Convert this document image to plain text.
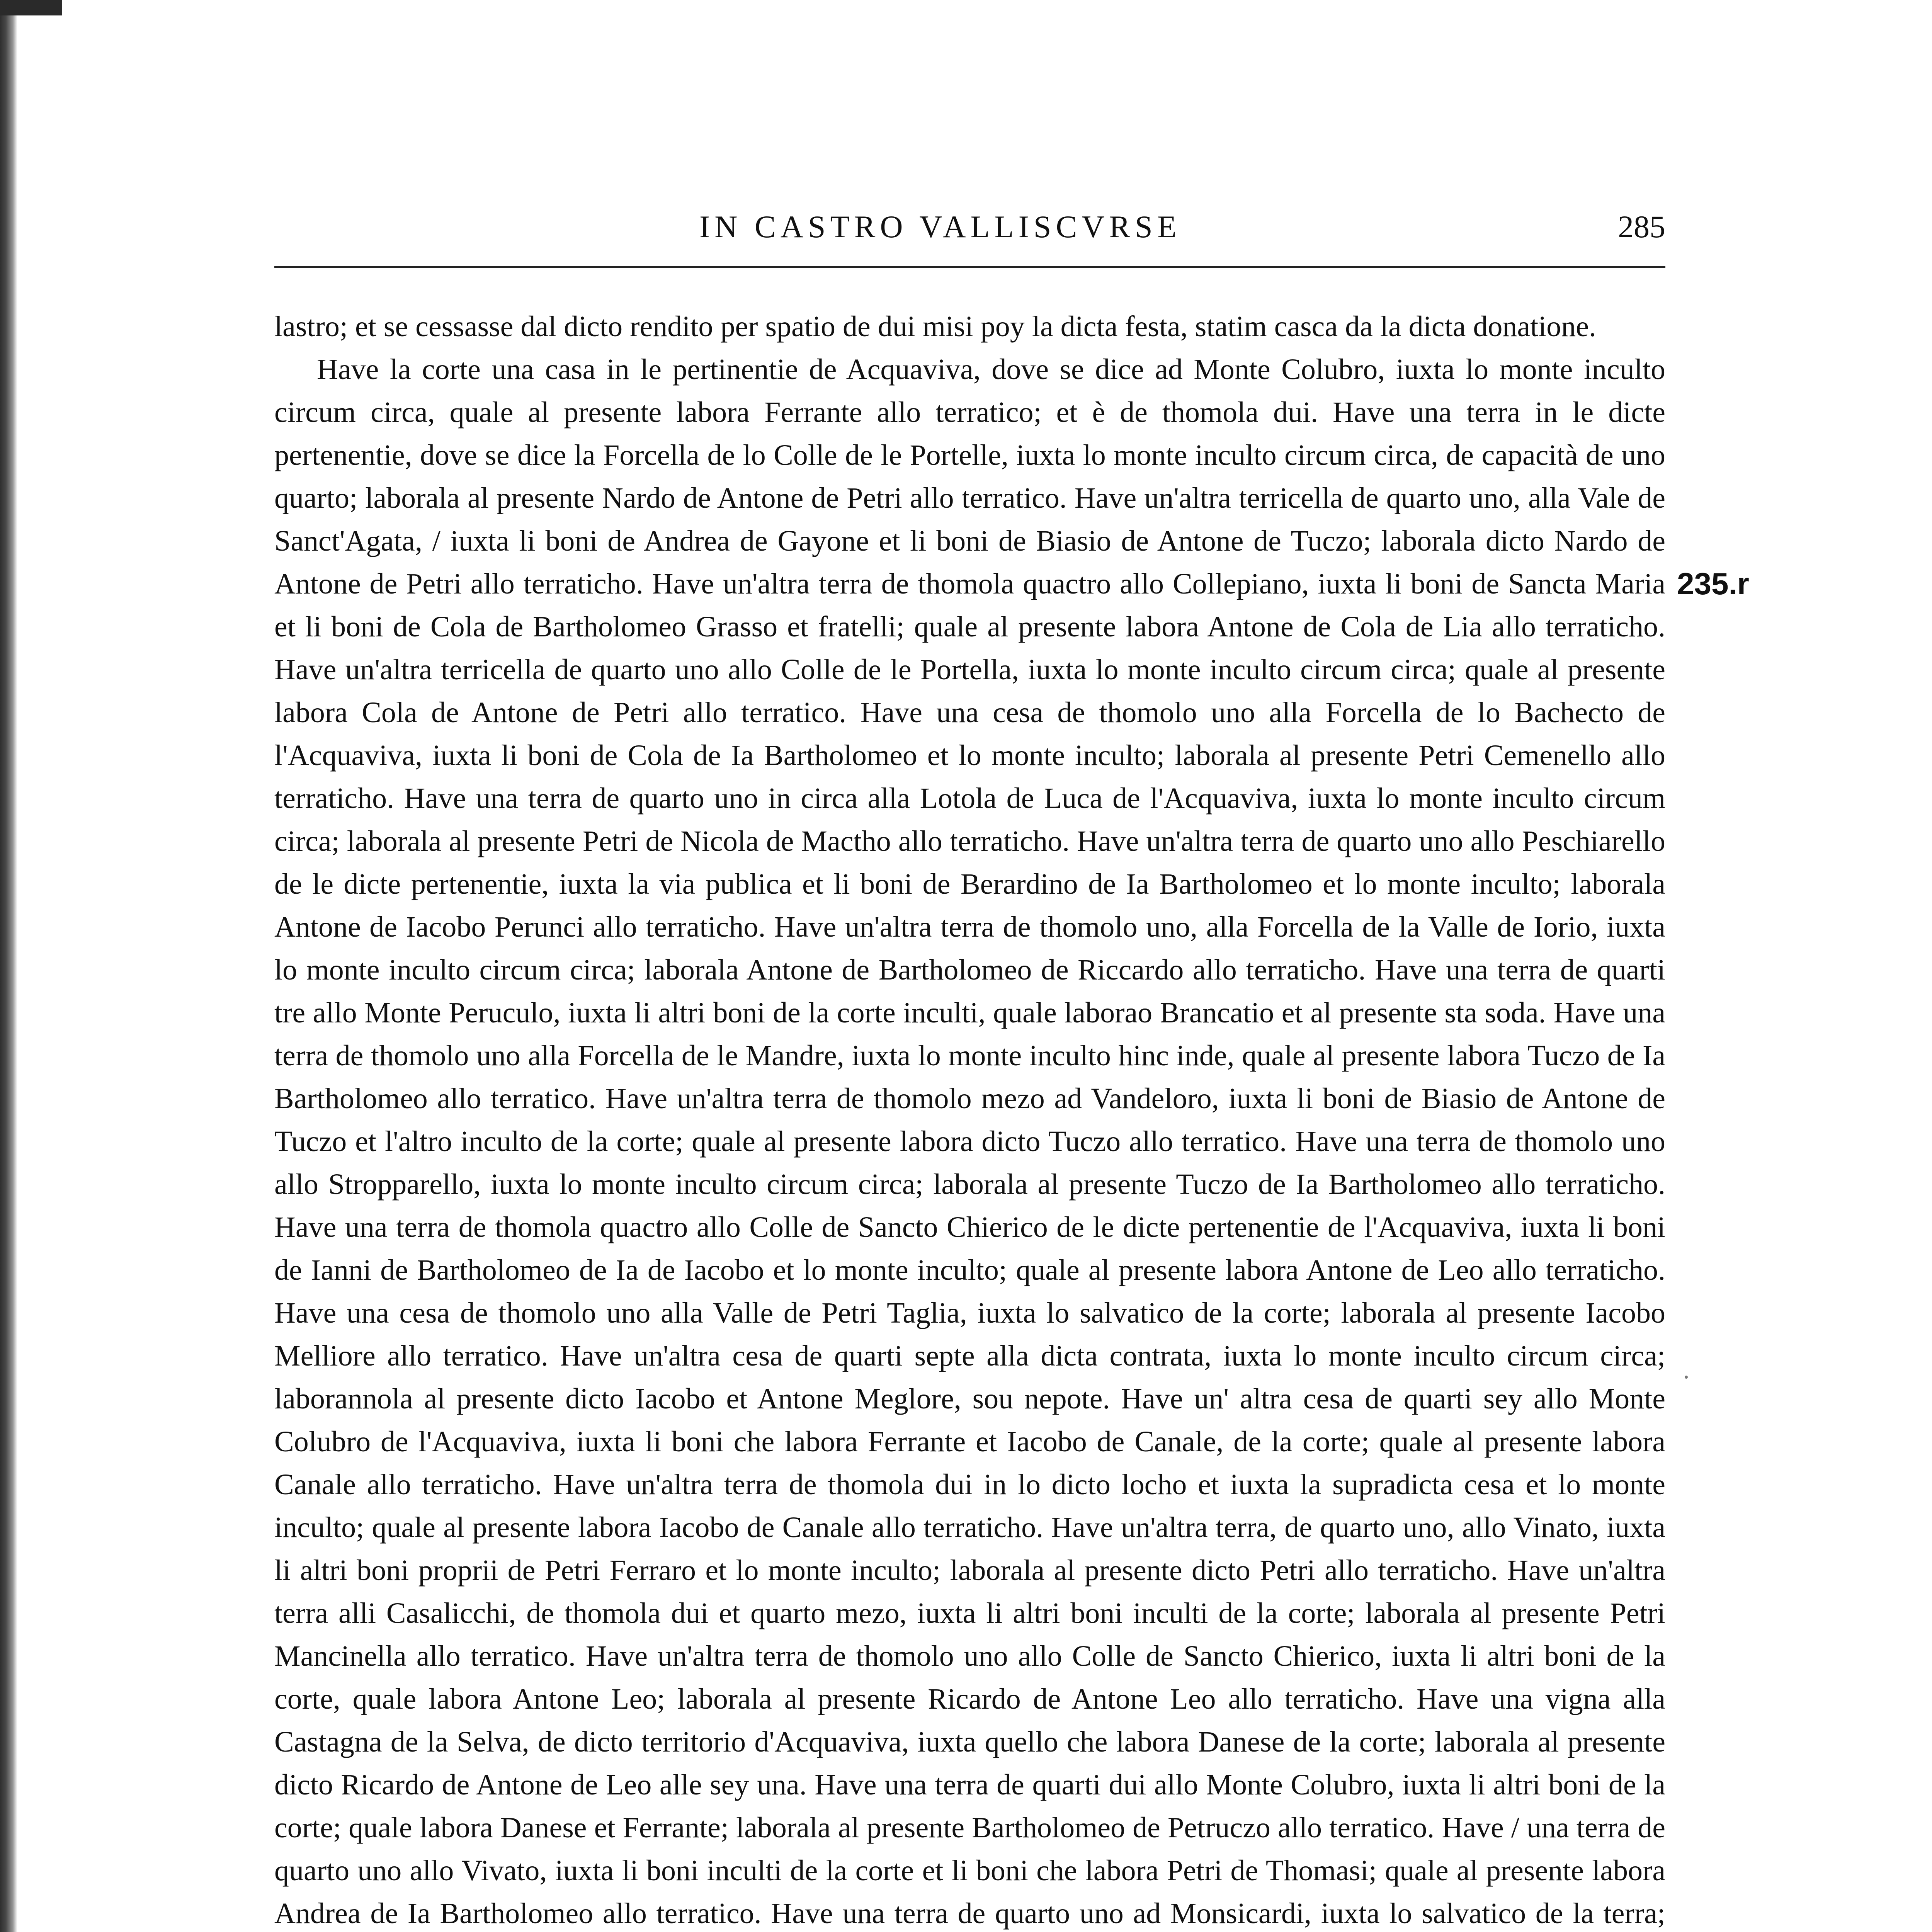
IN CASTRO VALLISCVRSE	285

lastro; et se cessasse dal dicto rendito per spatio de dui misi poy la dicta festa, statim casca da la dicta donatione.

Have la corte una casa in le pertinentie de Acquaviva, dove se dice ad Monte Colubro, iuxta lo monte inculto circum circa, quale al presente labora Ferrante allo terratico; et è de thomola dui. Have una terra in le dicte pertenentie, dove se dice la Forcella de lo Colle de le Portelle, iuxta lo monte inculto circum circa, de capacità de uno quarto; laborala al presente Nardo de Antone de Petri allo terratico. Have un'altra terricella de quarto uno, alla Vale de Sanct'Agata, / iuxta li boni de Andrea de Gayone et li boni de Biasio de Antone de Tuczo; laborala dicto Nardo de Antone de Petri allo terraticho. Have un'altra terra de thomola quactro allo Collepiano, iuxta li boni de Sancta Maria et li boni de Cola de Bartholomeo Grasso et fratelli; quale al presente labora Antone de Cola de Lia allo terraticho. Have un'altra terricella de quarto uno allo Colle de le Portella, iuxta lo monte inculto circum circa; quale al presente labora Cola de Antone de Petri allo terratico. Have una cesa de thomolo uno alla Forcella de lo Bachecto de l'Acquaviva, iuxta li boni de Cola de Ia Bartholomeo et lo monte inculto; laborala al presente Petri Cemenello allo terraticho. Have una terra de quarto uno in circa alla Lotola de Luca de l'Acquaviva, iuxta lo monte inculto circum circa; laborala al presente Petri de Nicola de Mactho allo terraticho. Have un'altra terra de quarto uno allo Peschiarello de le dicte pertenentie, iuxta la via publica et li boni de Berardino de Ia Bartholomeo et lo monte inculto; laborala Antone de Iacobo Perunci allo terraticho. Have un'altra terra de thomolo uno, alla Forcella de la Valle de Iorio, iuxta lo monte inculto circum circa; laborala Antone de Bartholomeo de Riccardo allo terraticho. Have una terra de quarti tre allo Monte Peruculo, iuxta li altri boni de la corte inculti, quale laborao Brancatio et al presente sta soda. Have una terra de thomolo uno alla Forcella de le Mandre, iuxta lo monte inculto hinc inde, quale al presente labora Tuczo de Ia Bartholomeo allo terratico. Have un'altra terra de thomolo mezo ad Vandeloro, iuxta li boni de Biasio de Antone de Tuczo et l'altro inculto de la corte; quale al presente labora dicto Tuczo allo terratico. Have una terra de thomolo uno allo Stropparello, iuxta lo monte inculto circum circa; laborala al presente Tuczo de Ia Bartholomeo allo terraticho. Have una terra de thomola quactro allo Colle de Sancto Chierico de le dicte pertenentie de l'Acquaviva, iuxta li boni de Ianni de Bartholomeo de Ia de Iacobo et lo monte inculto; quale al presente labora Antone de Leo allo terraticho. Have una cesa de thomolo uno alla Valle de Petri Taglia, iuxta lo salvatico de la corte; laborala al presente Iacobo Melliore allo terratico. Have un'altra cesa de quarti septe alla dicta contrata, iuxta lo monte inculto circum circa; laborannola al presente dicto Iacobo et Antone Meglore, sou nepote. Have un' altra cesa de quarti sey allo Monte Colubro de l'Acquaviva, iuxta li boni che labora Ferrante et Iacobo de Canale, de la corte; quale al presente labora Canale allo terraticho. Have un'altra terra de thomola dui in lo dicto locho et iuxta la supradicta cesa et lo monte inculto; quale al presente labora Iacobo de Canale allo terraticho. Have un'altra terra, de quarto uno, allo Vinato, iuxta li altri boni proprii de Petri Ferraro et lo monte inculto; laborala al presente dicto Petri allo terraticho. Have un'altra terra alli Casalicchi, de thomola dui et quarto mezo, iuxta li altri boni inculti de la corte; laborala al presente Petri Mancinella allo terratico. Have un'altra terra de thomolo uno allo Colle de Sancto Chierico, iuxta li altri boni de la corte, quale labora Antone Leo; laborala al presente Ricardo de Antone Leo allo terraticho. Have una vigna alla Castagna de la Selva, de dicto territorio d'Acquaviva, iuxta quello che labora Danese de la corte; laborala al presente dicto Ricardo de Antone de Leo alle sey una. Have una terra de quarti dui allo Monte Colubro, iuxta li altri boni de la corte; quale labora Danese et Ferrante; laborala al presente Bartholomeo de Petruczo allo terratico. Have / una terra de quarto uno allo Vivato, iuxta li boni inculti de la corte et li boni che labora Petri de Thomasi; quale al presente labora Andrea de Ia Bartholomeo allo terratico. Have una terra de quarto uno ad Monsicardi, iuxta lo salvatico de la terra;

235.r
